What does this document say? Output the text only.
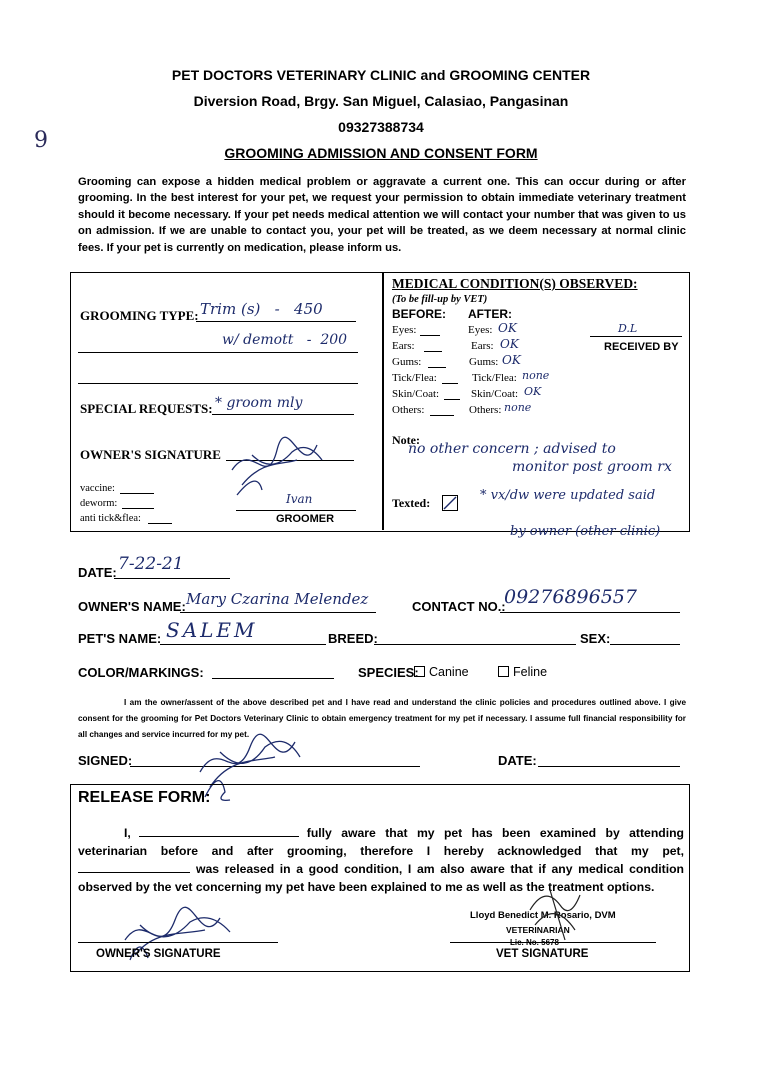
9
PET DOCTORS VETERINARY CLINIC and GROOMING CENTER
Diversion Road, Brgy. San Miguel, Calasiao, Pangasinan
09327388734
GROOMING ADMISSION AND CONSENT FORM
Grooming can expose a hidden medical problem or aggravate a current one. This can occur during or after grooming. In the best interest for your pet, we request your permission to obtain immediate veterinary treatment should it become necessary. If your pet needs medical attention we will contact your number that was given to us on admission. If we are unable to contact you, your pet will be treated, as we deem necessary at normal clinic fees. If your pet is currently on medication, please inform us.
GROOMING TYPE: Trim (s)   -   450
w/ demott   -  200
SPECIAL REQUESTS: * groom mly
OWNER'S SIGNATURE
vaccine:
deworm:
anti tick&flea:
Ivan
GROOMER
MEDICAL CONDITION(S) OBSERVED:
(To be fill-up by VET)
BEFORE: AFTER:
Eyes:	Eyes: OK
Ears:	Ears: OK
Gums:	Gums: OK
Tick/Flea:	Tick/Flea: none
Skin/Coat:	Skin/Coat: OK
Others:	Others: none
D.L
RECEIVED BY
Note:
no other concern ; advised to
monitor post groom rx
Texted:	* vx/dw were updated said
by owner (other clinic)
DATE: 7-22-21
OWNER'S NAME: Mary Czarina Melendez	CONTACT NO.:
09276896557
PET'S NAME: SALEM	BREED:	SEX:
COLOR/MARKINGS:	SPECIES: Canine	Feline
I am the owner/assent of the above described pet and I have read and understand the clinic policies and procedures outlined above. I give consent for the grooming for Pet Doctors Veterinary Clinic to obtain emergency treatment for my pet if necessary. I assume full financial responsibility for all changes and service incurred for my pet.
SIGNED:	DATE:
RELEASE FORM:
I,	fully aware that my pet has been examined by attending veterinarian before and after grooming, therefore I hereby acknowledged that my pet, was released in a good condition, I am also aware that if any medical condition observed by the vet concerning my pet have been explained to me as well as the treatment options.
OWNER'S SIGNATURE
Lloyd Benedict M. Rosario, DVM
VETERINARIAN
Lic. No. 5678
VET SIGNATURE
